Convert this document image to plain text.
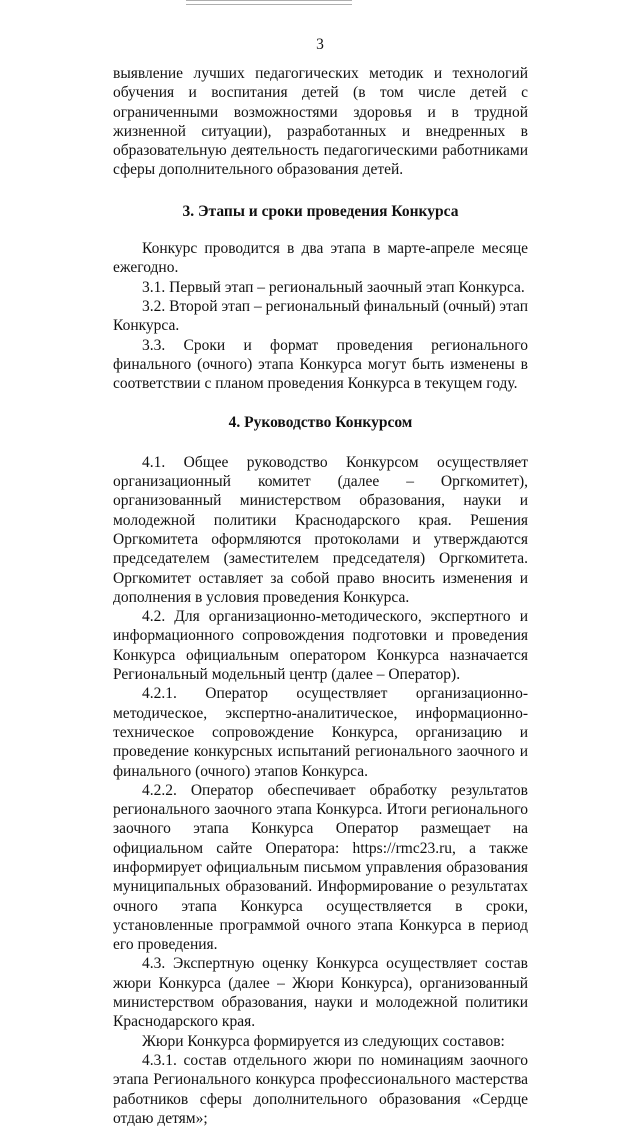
3

выявление лучших педагогических методик и технологий обучения и воспитания детей (в том числе детей с ограниченными возможностями здоровья и в трудной жизненной ситуации), разработанных и внедренных в образовательную деятельность педагогическими работниками сферы дополнительного образования детей.

3. Этапы и сроки проведения Конкурса

Конкурс проводится в два этапа в марте-апреле месяце ежегодно.

3.1. Первый этап – региональный заочный этап Конкурса.

3.2. Второй этап – региональный финальный (очный) этап Конкурса.

3.3. Сроки и формат проведения регионального финального (очного) этапа Конкурса могут быть изменены в соответствии с планом проведения Конкурса в текущем году.

4. Руководство Конкурсом

4.1. Общее руководство Конкурсом осуществляет организационный комитет (далее – Оргкомитет), организованный министерством образования, науки и молодежной политики Краснодарского края. Решения Оргкомитета оформляются протоколами и утверждаются председателем (заместителем председателя) Оргкомитета. Оргкомитет оставляет за собой право вносить изменения и дополнения в условия проведения Конкурса.

4.2. Для организационно-методического, экспертного и информационного сопровождения подготовки и проведения Конкурса официальным оператором Конкурса назначается Региональный модельный центр (далее – Оператор).

4.2.1. Оператор осуществляет организационно-методическое, экспертно-аналитическое, информационно-техническое сопровождение Конкурса, организацию и проведение конкурсных испытаний регионального заочного и финального (очного) этапов Конкурса.

4.2.2. Оператор обеспечивает обработку результатов регионального заочного этапа Конкурса. Итоги регионального заочного этапа Конкурса Оператор размещает на официальном сайте Оператора: https://rmc23.ru, а также информирует официальным письмом управления образования муниципальных образований. Информирование о результатах очного этапа Конкурса осуществляется в сроки, установленные программой очного этапа Конкурса в период его проведения.

4.3. Экспертную оценку Конкурса осуществляет состав жюри Конкурса (далее – Жюри Конкурса), организованный министерством образования, науки и молодежной политики Краснодарского края.

Жюри Конкурса формируется из следующих составов:

4.3.1. состав отдельного жюри по номинациям заочного этапа Регионального конкурса профессионального мастерства работников сферы дополнительного образования «Сердце отдаю детям»;
